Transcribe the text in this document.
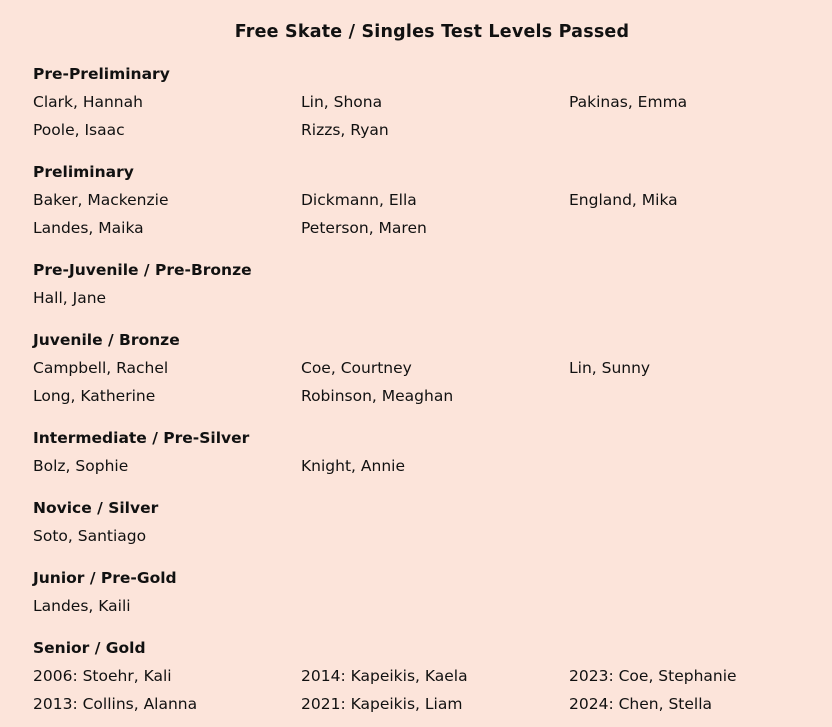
Free Skate / Singles Test Levels Passed
Pre-Preliminary
Clark, Hannah	Lin, Shona	Pakinas, Emma
Poole, Isaac	Rizzs, Ryan
Preliminary
Baker, Mackenzie	Dickmann, Ella	England, Mika
Landes, Maika	Peterson, Maren
Pre-Juvenile / Pre-Bronze
Hall, Jane
Juvenile / Bronze
Campbell, Rachel	Coe, Courtney	Lin, Sunny
Long, Katherine	Robinson, Meaghan
Intermediate / Pre-Silver
Bolz, Sophie	Knight, Annie
Novice / Silver
Soto, Santiago
Junior / Pre-Gold
Landes, Kaili
Senior / Gold
2006: Stoehr, Kali	2014: Kapeikis, Kaela	2023: Coe, Stephanie
2013: Collins, Alanna	2021: Kapeikis, Liam	2024: Chen, Stella
